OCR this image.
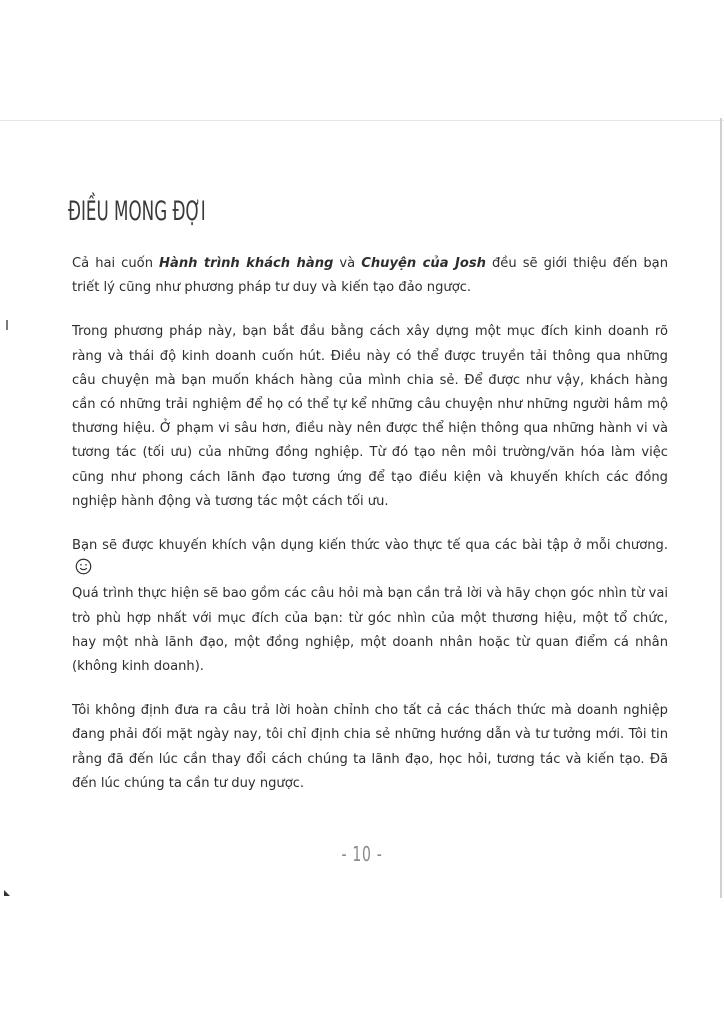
ĐIỀU MONG ĐỢI

Cả hai cuốn Hành trình khách hàng và Chuyện của Josh đều sẽ giới thiệu đến bạn triết lý cũng như phương pháp tư duy và kiến tạo đảo ngược.

Trong phương pháp này, bạn bắt đầu bằng cách xây dựng một mục đích kinh doanh rõ ràng và thái độ kinh doanh cuốn hút. Điều này có thể được truyền tải thông qua những câu chuyện mà bạn muốn khách hàng của mình chia sẻ. Để được như vậy, khách hàng cần có những trải nghiệm để họ có thể tự kể những câu chuyện như những người hâm mộ thương hiệu. Ở phạm vi sâu hơn, điều này nên được thể hiện thông qua những hành vi và tương tác (tối ưu) của những đồng nghiệp. Từ đó tạo nên môi trường/văn hóa làm việc cũng như phong cách lãnh đạo tương ứng để tạo điều kiện và khuyến khích các đồng nghiệp hành động và tương tác một cách tối ưu.

Bạn sẽ được khuyến khích vận dụng kiến thức vào thực tế qua các bài tập ở mỗi chương.
Quá trình thực hiện sẽ bao gồm các câu hỏi mà bạn cần trả lời và hãy chọn góc nhìn từ vai trò phù hợp nhất với mục đích của bạn: từ góc nhìn của một thương hiệu, một tổ chức, hay một nhà lãnh đạo, một đồng nghiệp, một doanh nhân hoặc từ quan điểm cá nhân (không kinh doanh).

Tôi không định đưa ra câu trả lời hoàn chỉnh cho tất cả các thách thức mà doanh nghiệp đang phải đối mặt ngày nay, tôi chỉ định chia sẻ những hướng dẫn và tư tưởng mới. Tôi tin rằng đã đến lúc cần thay đổi cách chúng ta lãnh đạo, học hỏi, tương tác và kiến tạo. Đã đến lúc chúng ta cần tư duy ngược.

- 10 -
